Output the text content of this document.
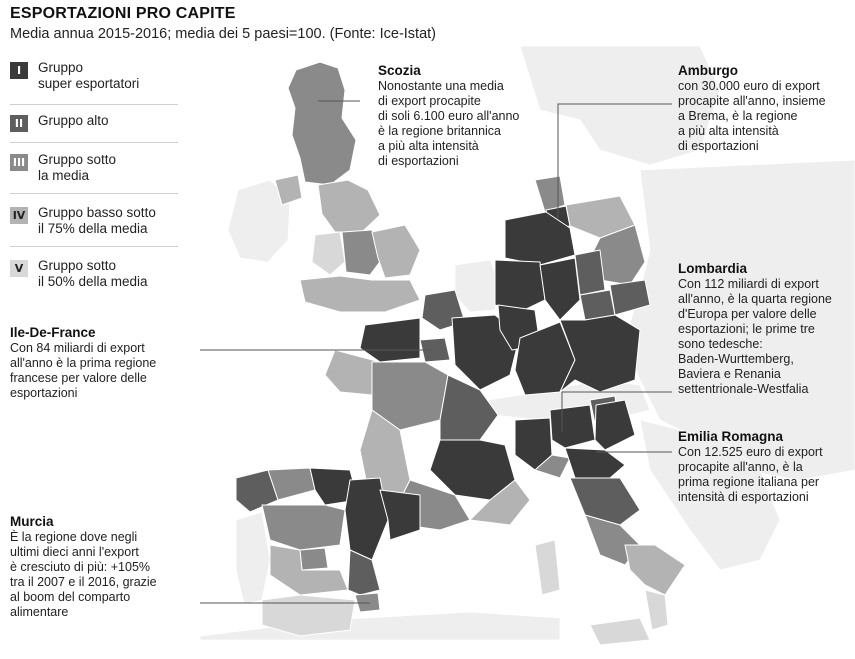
ESPORTAZIONI PRO CAPITE
Media annua 2015-2016; media dei 5 paesi=100. (Fonte: Ice-Istat)
I	Gruppo
super esportatori
II	Gruppo alto
III Gruppo sotto
la media
IV Gruppo basso sotto
il 75% della media
V	Gruppo sotto
il 50% della media
Scozia
Nonostante una media
di export procapite
di soli 6.100 euro all'anno
è la regione britannica
a più alta intensità
di esportazioni
Amburgo
con 30.000 euro di export
procapite all'anno, insieme
a Brema, è la regione
a più alta intensità
di esportazioni
Lombardia
Con 112 miliardi di export
all'anno, è la quarta regione
d'Europa per valore delle
esportazioni; le prime tre
sono tedesche:
Baden-Wurttemberg,
Baviera e Renania
settentrionale-Westfalia
Ile-De-France
Con 84 miliardi di export
all'anno è la prima regione
francese per valore delle
esportazioni
Emilia Romagna
Con 12.525 euro di export
procapite all'anno, è la
prima regione italiana per
intensità di esportazioni
Murcia
È la regione dove negli
ultimi dieci anni l'export
è cresciuto di più: +105%
tra il 2007 e il 2016, grazie
al boom del comparto
alimentare
